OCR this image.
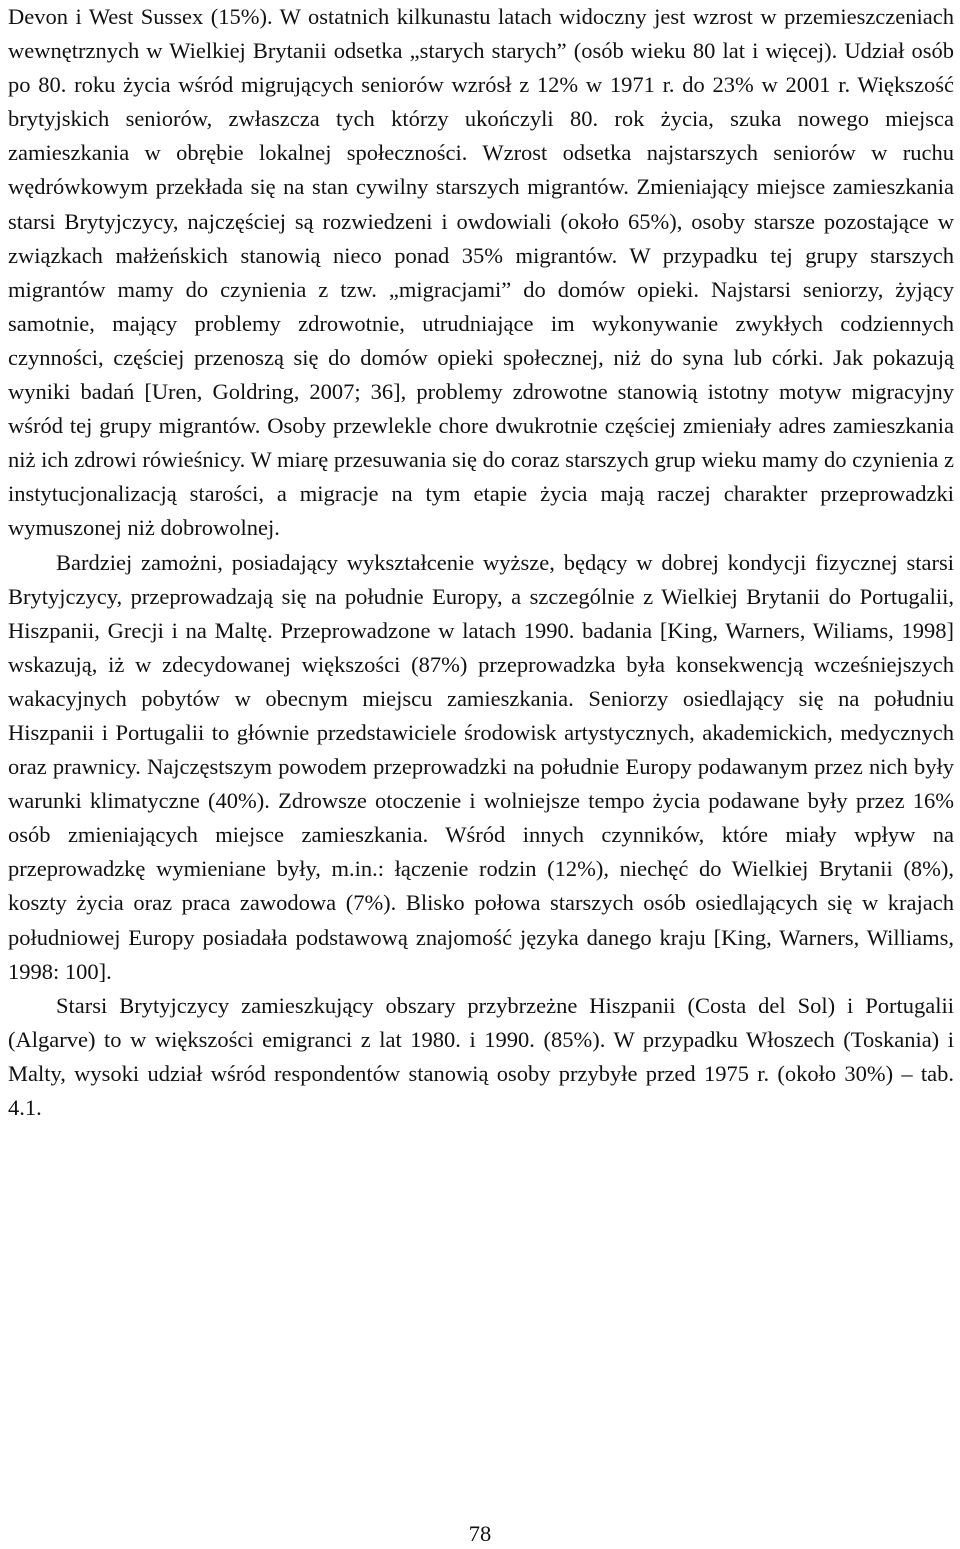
Devon i West Sussex (15%). W ostatnich kilkunastu latach widoczny jest wzrost w przemieszczeniach wewnętrznych w Wielkiej Brytanii odsetka „starych starych” (osób wieku 80 lat i więcej). Udział osób po 80. roku życia wśród migrujących seniorów wzrósł z 12% w 1971 r. do 23% w 2001 r. Większość brytyjskich seniorów, zwłaszcza tych którzy ukończyli 80. rok życia, szuka nowego miejsca zamieszkania w obrębie lokalnej społeczności. Wzrost odsetka najstarszych seniorów w ruchu wędrówkowym przekłada się na stan cywilny starszych migrantów. Zmieniający miejsce zamieszkania starsi Brytyjczycy, najczęściej są rozwiedzeni i owdowiali (około 65%), osoby starsze pozostające w związkach małżeńskich stanowią nieco ponad 35% migrantów. W przypadku tej grupy starszych migrantów mamy do czynienia z tzw. „migracjami” do domów opieki. Najstarsi seniorzy, żyjący samotnie, mający problemy zdrowotnie, utrudniające im wykonywanie zwykłych codziennych czynności, częściej przenoszą się do domów opieki społecznej, niż do syna lub córki. Jak pokazują wyniki badań [Uren, Goldring, 2007; 36], problemy zdrowotne stanowią istotny motyw migracyjny wśród tej grupy migrantów. Osoby przewlekle chore dwukrotnie częściej zmieniały adres zamieszkania niż ich zdrowi rówieśnicy. W miarę przesuwania się do coraz starszych grup wieku mamy do czynienia z instytucjonalizacją starości, a migracje na tym etapie życia mają raczej charakter przeprowadzki wymuszonej niż dobrowolnej.

Bardziej zamożni, posiadający wykształcenie wyższe, będący w dobrej kondycji fizycznej starsi Brytyjczycy, przeprowadzają się na południe Europy, a szczególnie z Wielkiej Brytanii do Portugalii, Hiszpanii, Grecji i na Maltę. Przeprowadzone w latach 1990. badania [King, Warners, Wiliams, 1998] wskazują, iż w zdecydowanej większości (87%) przeprowadzka była konsekwencją wcześniejszych wakacyjnych pobytów w obecnym miejscu zamieszkania. Seniorzy osiedlający się na południu Hiszpanii i Portugalii to głównie przedstawiciele środowisk artystycznych, akademickich, medycznych oraz prawnicy. Najczęstszym powodem przeprowadzki na południe Europy podawanym przez nich były warunki klimatyczne (40%). Zdrowsze otoczenie i wolniejsze tempo życia podawane były przez 16% osób zmieniających miejsce zamieszkania. Wśród innych czynników, które miały wpływ na przeprowadzkę wymieniane były, m.in.: łączenie rodzin (12%), niechęć do Wielkiej Brytanii (8%), koszty życia oraz praca zawodowa (7%). Blisko połowa starszych osób osiedlających się w krajach południowej Europy posiadała podstawową znajomość języka danego kraju [King, Warners, Williams, 1998: 100].

Starsi Brytyjczycy zamieszkujący obszary przybrzeżne Hiszpanii (Costa del Sol) i Portugalii (Algarve) to w większości emigranci z lat 1980. i 1990. (85%). W przypadku Włoszech (Toskania) i Malty, wysoki udział wśród respondentów stanowią osoby przybyłe przed 1975 r. (około 30%) – tab. 4.1.

78
